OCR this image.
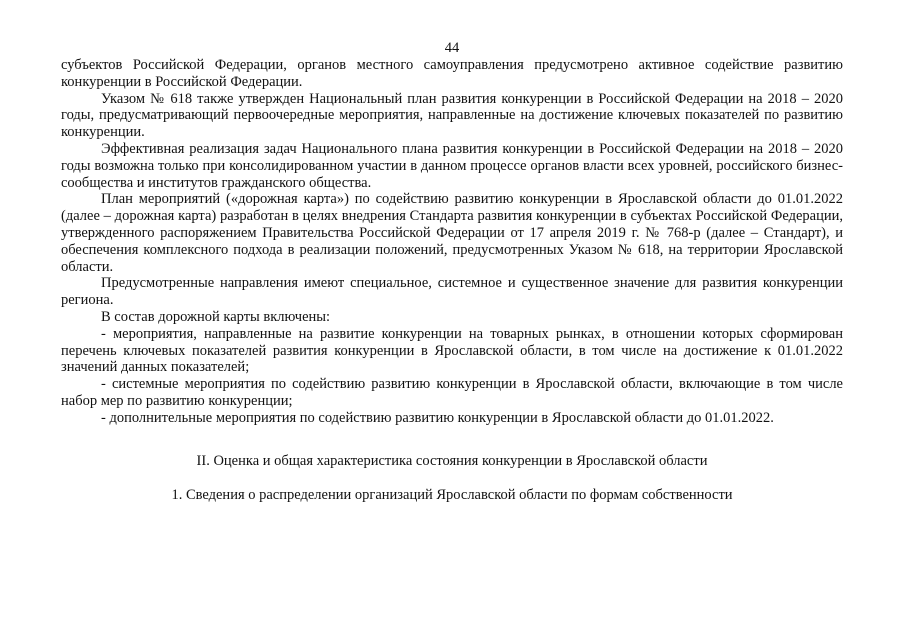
44

субъектов Российской Федерации, органов местного самоуправления предусмотрено активное содействие развитию конкуренции в Российской Федерации.

Указом № 618 также утвержден Национальный план развития конкуренции в Российской Федерации на 2018 – 2020 годы, предусматривающий первоочередные мероприятия, направленные на достижение ключевых показателей по развитию конкуренции.

Эффективная реализация задач Национального плана развития конкуренции в Российской Федерации на 2018 – 2020 годы возможна только при консолидированном участии в данном процессе органов власти всех уровней, российского бизнес-сообщества и институтов гражданского общества.

План мероприятий («дорожная карта») по содействию развитию конкуренции в Ярославской области до 01.01.2022 (далее – дорожная карта) разработан в целях внедрения Стандарта развития конкуренции в субъектах Российской Федерации, утвержденного распоряжением Правительства Российской Федерации от 17 апреля 2019 г. № 768-р (далее – Стандарт), и обеспечения комплексного подхода в реализации положений, предусмотренных Указом № 618, на территории Ярославской области.

Предусмотренные направления имеют специальное, системное и существенное значение для развития конкуренции региона.

В состав дорожной карты включены:

- мероприятия, направленные на развитие конкуренции на товарных рынках, в отношении которых сформирован перечень ключевых показателей развития конкуренции в Ярославской области, в том числе на достижение к 01.01.2022 значений данных показателей;

- системные мероприятия по содействию развитию конкуренции в Ярославской области, включающие в том числе набор мер по развитию конкуренции;

- дополнительные мероприятия по содействию развитию конкуренции в Ярославской области до 01.01.2022.

II. Оценка и общая характеристика состояния конкуренции в Ярославской области
1. Сведения о распределении организаций Ярославской области по формам собственности
